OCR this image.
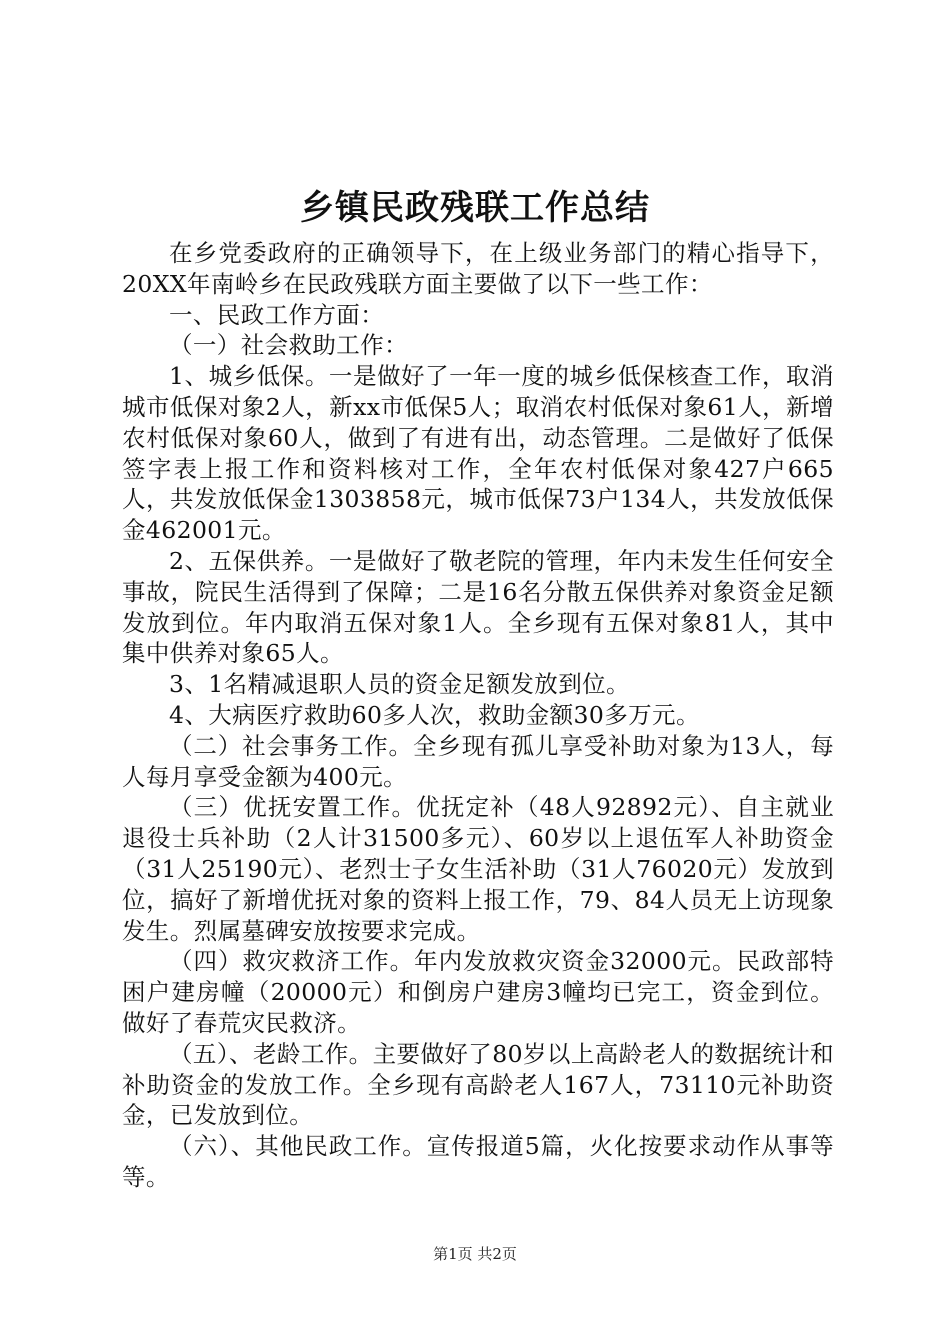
乡镇民政残联工作总结

在乡党委政府的正确领导下，在上级业务部门的精心指导下，20XX年南岭乡在民政残联方面主要做了以下一些工作：

一、民政工作方面：

（一）社会救助工作：

1、城乡低保。一是做好了一年一度的城乡低保核查工作，取消城市低保对象2人，新xx市低保5人；取消农村低保对象61人，新增农村低保对象60人，做到了有进有出，动态管理。二是做好了低保签字表上报工作和资料核对工作，全年农村低保对象427户665人，共发放低保金1303858元，城市低保73户134人，共发放低保金462001元。

2、五保供养。一是做好了敬老院的管理，年内未发生任何安全事故，院民生活得到了保障；二是16名分散五保供养对象资金足额发放到位。年内取消五保对象1人。全乡现有五保对象81人，其中集中供养对象65人。

3、1名精减退职人员的资金足额发放到位。

4、大病医疗救助60多人次，救助金额30多万元。

（二）社会事务工作。全乡现有孤儿享受补助对象为13人，每人每月享受金额为400元。

（三）优抚安置工作。优抚定补（48人92892元）、自主就业退役士兵补助（2人计31500多元）、60岁以上退伍军人补助资金（31人25190元）、老烈士子女生活补助（31人76020元）发放到位，搞好了新增优抚对象的资料上报工作，79、84人员无上访现象发生。烈属墓碑安放按要求完成。

（四）救灾救济工作。年内发放救灾资金32000元。民政部特困户建房幢（20000元）和倒房户建房3幢均已完工，资金到位。做好了春荒灾民救济。

（五）、老龄工作。主要做好了80岁以上高龄老人的数据统计和补助资金的发放工作。全乡现有高龄老人167人，73110元补助资金，已发放到位。

（六）、其他民政工作。宣传报道5篇，火化按要求动作从事等等。

第1页 共2页
